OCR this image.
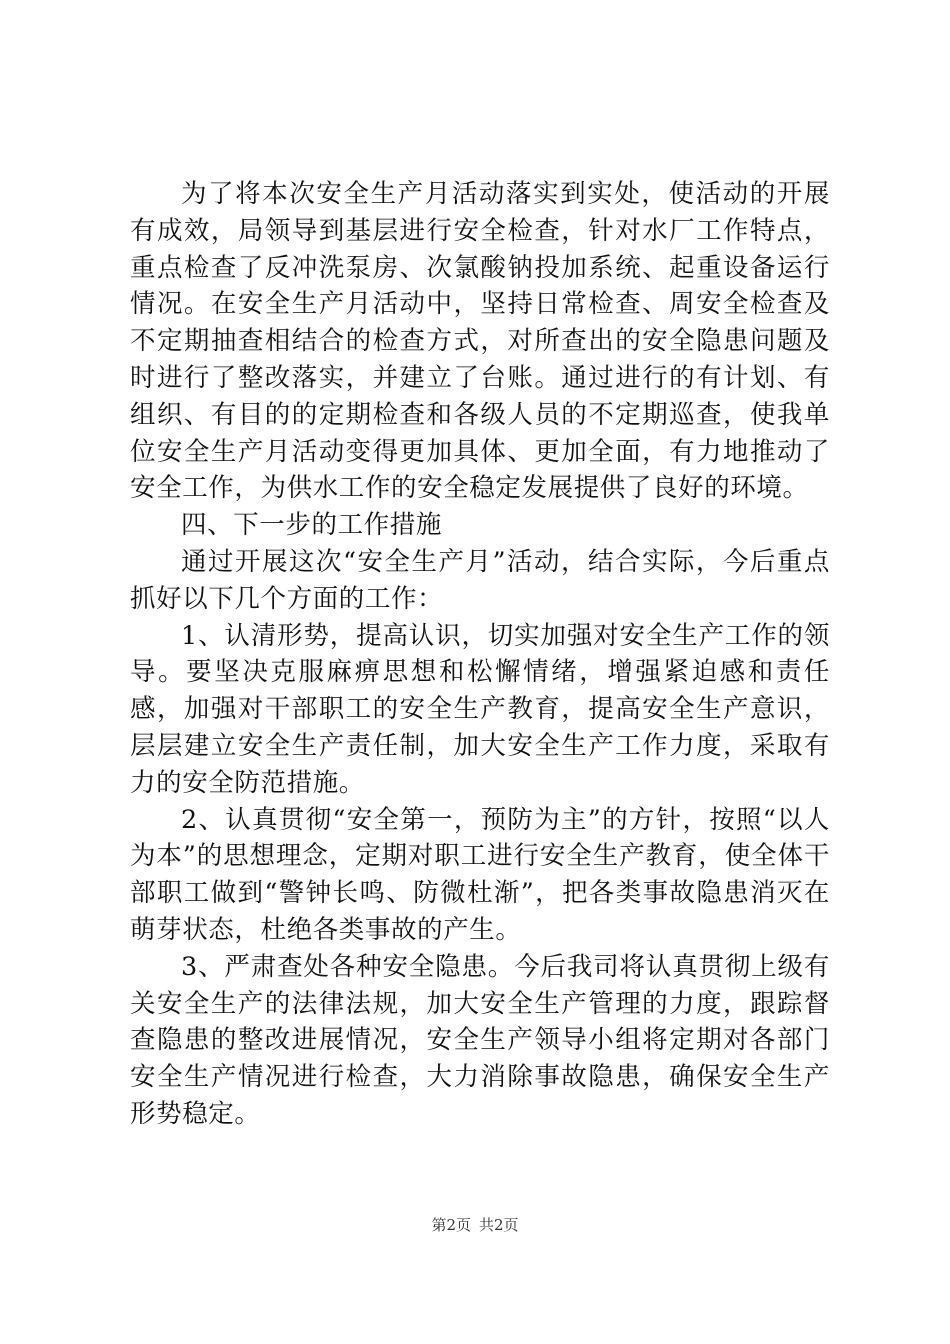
为了将本次安全生产月活动落实到实处，使活动的开展有成效，局领导到基层进行安全检查，针对水厂工作特点，重点检查了反冲洗泵房、次氯酸钠投加系统、起重设备运行情况。在安全生产月活动中，坚持日常检查、周安全检查及不定期抽查相结合的检查方式，对所查出的安全隐患问题及时进行了整改落实，并建立了台账。通过进行的有计划、有组织、有目的的定期检查和各级人员的不定期巡查，使我单位安全生产月活动变得更加具体、更加全面，有力地推动了安全工作，为供水工作的安全稳定发展提供了良好的环境。

四、下一步的工作措施

通过开展这次“安全生产月”活动，结合实际，今后重点抓好以下几个方面的工作：

1、认清形势，提高认识，切实加强对安全生产工作的领导。要坚决克服麻痹思想和松懈情绪，增强紧迫感和责任感，加强对干部职工的安全生产教育，提高安全生产意识，层层建立安全生产责任制，加大安全生产工作力度，采取有力的安全防范措施。

2、认真贯彻“安全第一，预防为主”的方针，按照“以人为本”的思想理念，定期对职工进行安全生产教育，使全体干部职工做到“警钟长鸣、防微杜渐”，把各类事故隐患消灭在萌芽状态，杜绝各类事故的产生。

3、严肃查处各种安全隐患。今后我司将认真贯彻上级有关安全生产的法律法规，加大安全生产管理的力度，跟踪督查隐患的整改进展情况，安全生产领导小组将定期对各部门安全生产情况进行检查，大力消除事故隐患，确保安全生产形势稳定。

第2页 共2页
